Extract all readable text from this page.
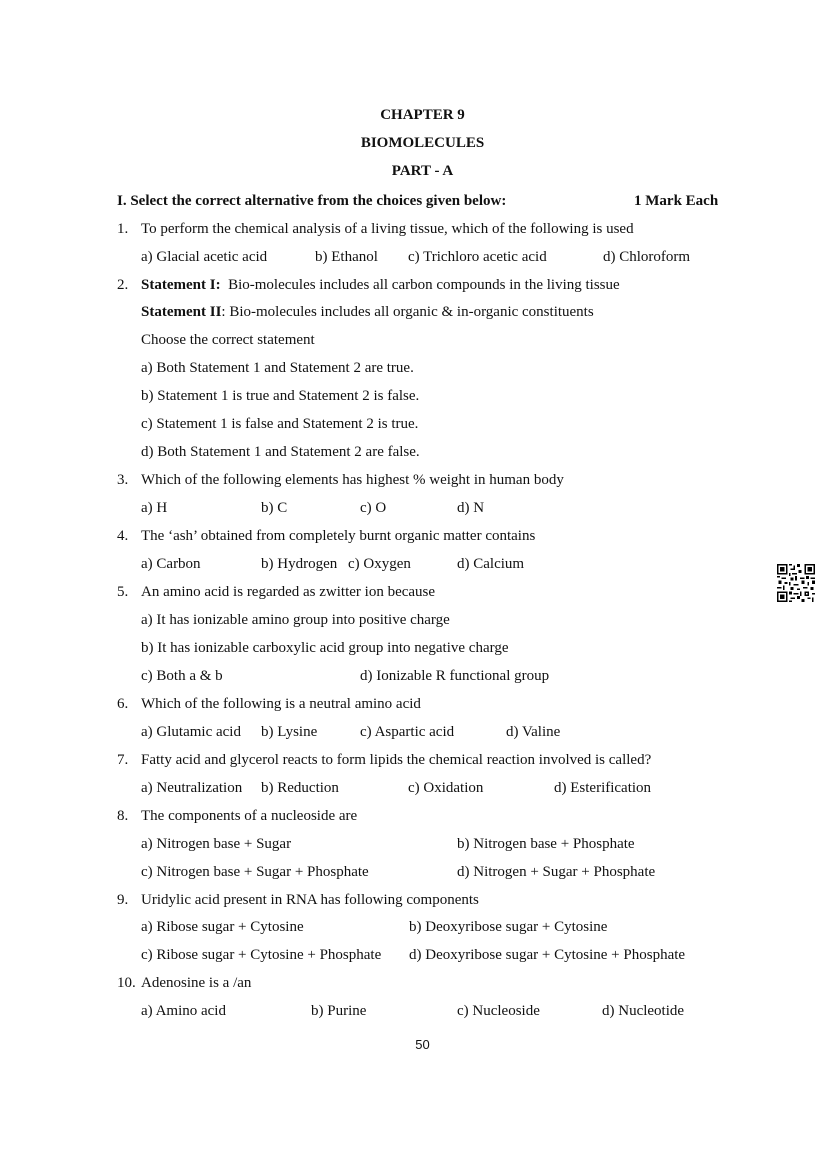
CHAPTER 9
BIOMOLECULES
PART - A
I. Select the correct alternative from the choices given below:	1 Mark Each
1. To perform the chemical analysis of a living tissue, which of the following is used
a) Glacial acetic acid	b) Ethanol c) Trichloro acetic acid	d) Chloroform
2. Statement I: Bio-molecules includes all carbon compounds in the living tissue
Statement II: Bio-molecules includes all organic & in-organic constituents
Choose the correct statement
a) Both Statement 1 and Statement 2 are true.
b) Statement 1 is true and Statement 2 is false.
c) Statement 1 is false and Statement 2 is true.
d) Both Statement 1 and Statement 2 are false.
3. Which of the following elements has highest % weight in human body
a) H	b) C	c) O	d) N
4. The ‘ash’ obtained from completely burnt organic matter contains
a) Carbon	b) Hydrogen c) Oxygen	d) Calcium
5. An amino acid is regarded as zwitter ion because
a) It has ionizable amino group into positive charge
b) It has ionizable carboxylic acid group into negative charge
c) Both a & b	d) Ionizable R functional group
6. Which of the following is a neutral amino acid
a) Glutamic acid b) Lysine	c) Aspartic acid	d) Valine
7. Fatty acid and glycerol reacts to form lipids the chemical reaction involved is called?
a) Neutralization b) Reduction	c) Oxidation	d) Esterification
8. The components of a nucleoside are
a) Nitrogen base + Sugar	b) Nitrogen base + Phosphate
c) Nitrogen base + Sugar + Phosphate	d) Nitrogen + Sugar + Phosphate
9. Uridylic acid present in RNA has following components
a) Ribose sugar + Cytosine	b) Deoxyribose sugar + Cytosine
c) Ribose sugar + Cytosine + Phosphate d) Deoxyribose sugar + Cytosine + Phosphate
10. Adenosine is a /an
a) Amino acid	b) Purine	c) Nucleoside	d) Nucleotide
50
